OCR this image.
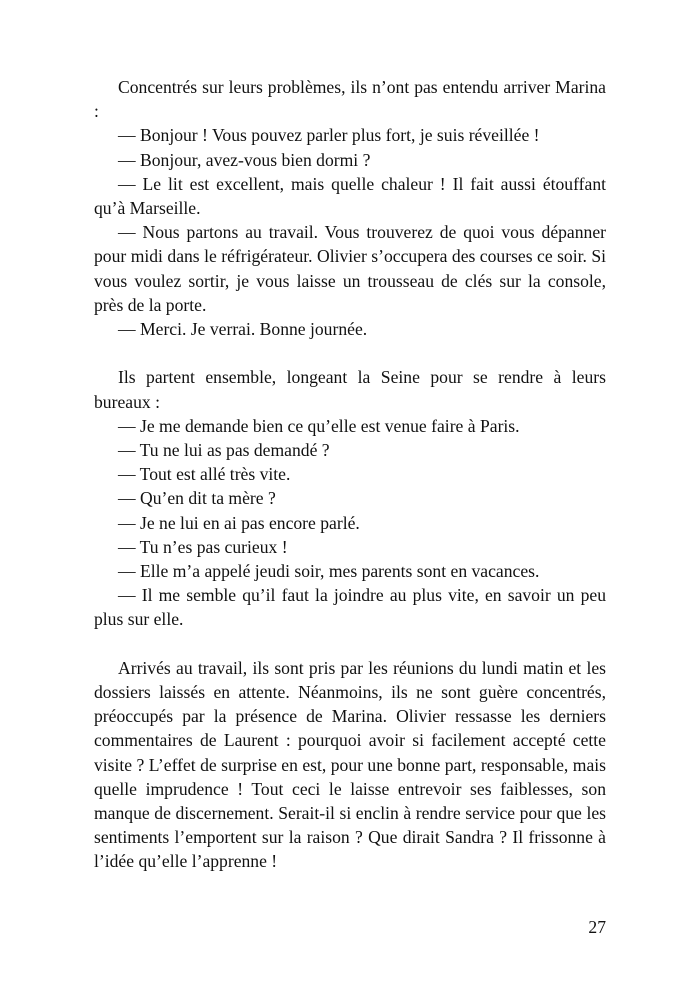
Concentrés sur leurs problèmes, ils n’ont pas entendu arriver Marina :

— Bonjour ! Vous pouvez parler plus fort, je suis réveillée !

— Bonjour, avez-vous bien dormi ?

— Le lit est excellent, mais quelle chaleur ! Il fait aussi étouffant qu’à Marseille.

— Nous partons au travail. Vous trouverez de quoi vous dépanner pour midi dans le réfrigérateur. Olivier s’occupera des courses ce soir. Si vous voulez sortir, je vous laisse un trousseau de clés sur la console, près de la porte.

— Merci. Je verrai. Bonne journée.

Ils partent ensemble, longeant la Seine pour se rendre à leurs bureaux :

— Je me demande bien ce qu’elle est venue faire à Paris.

— Tu ne lui as pas demandé ?

— Tout est allé très vite.

— Qu’en dit ta mère ?

— Je ne lui en ai pas encore parlé.

— Tu n’es pas curieux !

— Elle m’a appelé jeudi soir, mes parents sont en vacances.

— Il me semble qu’il faut la joindre au plus vite, en savoir un peu plus sur elle.

Arrivés au travail, ils sont pris par les réunions du lundi matin et les dossiers laissés en attente. Néanmoins, ils ne sont guère concentrés, préoccupés par la présence de Marina. Olivier ressasse les derniers commentaires de Laurent : pourquoi avoir si facilement accepté cette visite ? L’effet de surprise en est, pour une bonne part, responsable, mais quelle imprudence ! Tout ceci le laisse entrevoir ses faiblesses, son manque de discernement. Serait-il si enclin à rendre service pour que les sentiments l’emportent sur la raison ? Que dirait Sandra ? Il frissonne à l’idée qu’elle l’apprenne !

27
